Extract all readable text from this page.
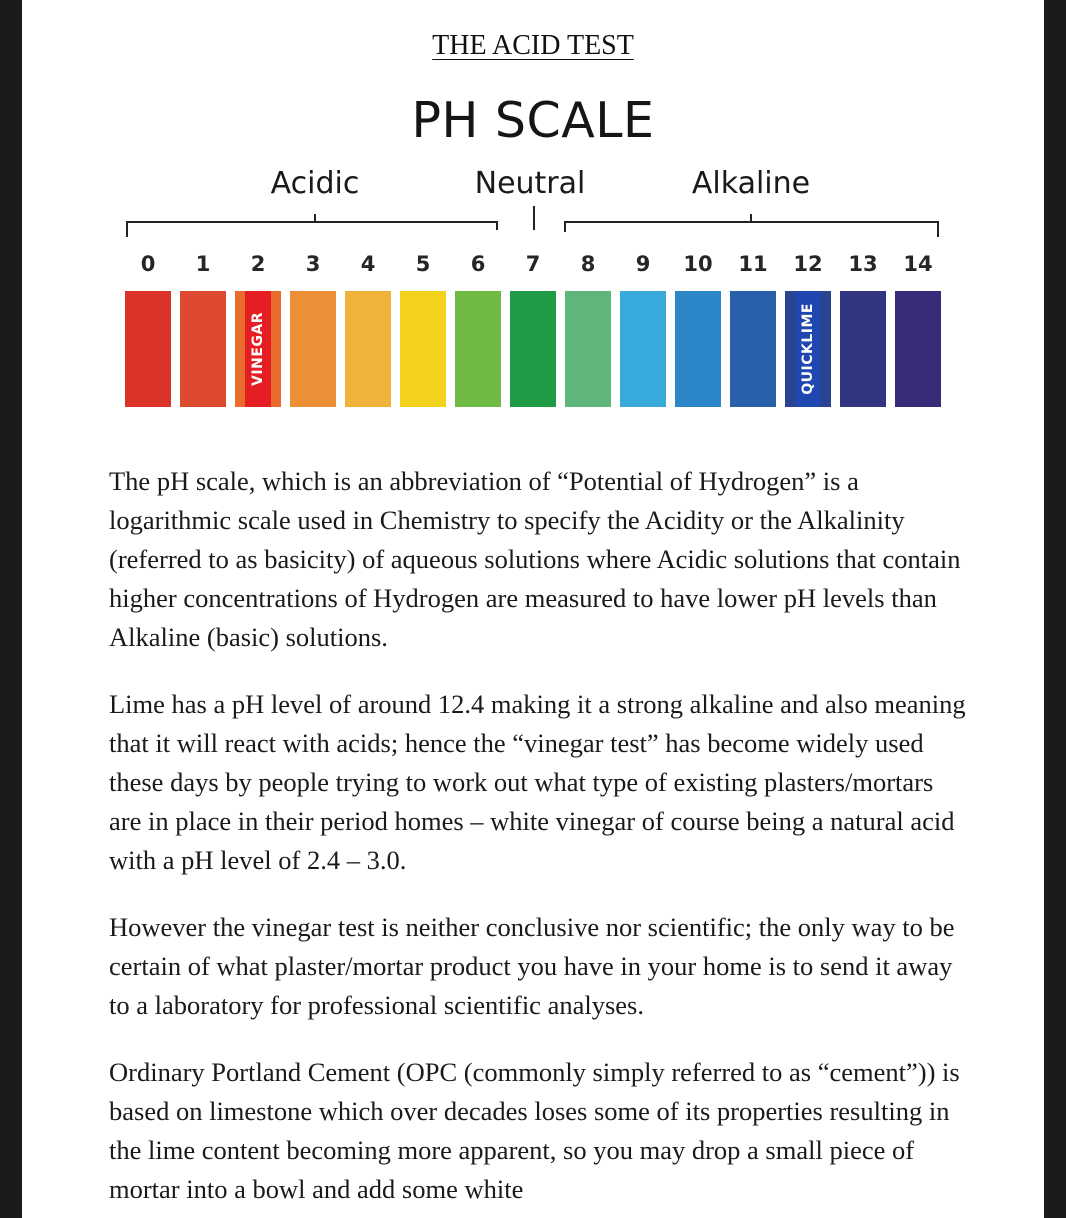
THE ACID TEST
PH SCALE
Acidic	Neutral	Alkaline
0	1	2	3	4	5	6	7	8	9	10	11	12	13	14
VINEGAR	QUICKLIME

The pH scale, which is an abbreviation of “Potential of Hydrogen” is a logarithmic scale used in Chemistry to specify the Acidity or the Alkalinity (referred to as basicity) of aqueous solutions where Acidic solutions that contain higher concentrations of Hydrogen are measured to have lower pH levels than Alkaline (basic) solutions.

Lime has a pH level of around 12.4 making it a strong alkaline and also meaning that it will react with acids; hence the “vinegar test” has become widely used these days by people trying to work out what type of existing plasters/mortars are in place in their period homes – white vinegar of course being a natural acid with a pH level of 2.4 – 3.0.

However the vinegar test is neither conclusive nor scientific; the only way to be certain of what plaster/mortar product you have in your home is to send it away to a laboratory for professional scientific analyses.

Ordinary Portland Cement (OPC (commonly simply referred to as “cement”)) is based on limestone which over decades loses some of its properties resulting in the lime content becoming more apparent, so you may drop a small piece of mortar into a bowl and add some white
